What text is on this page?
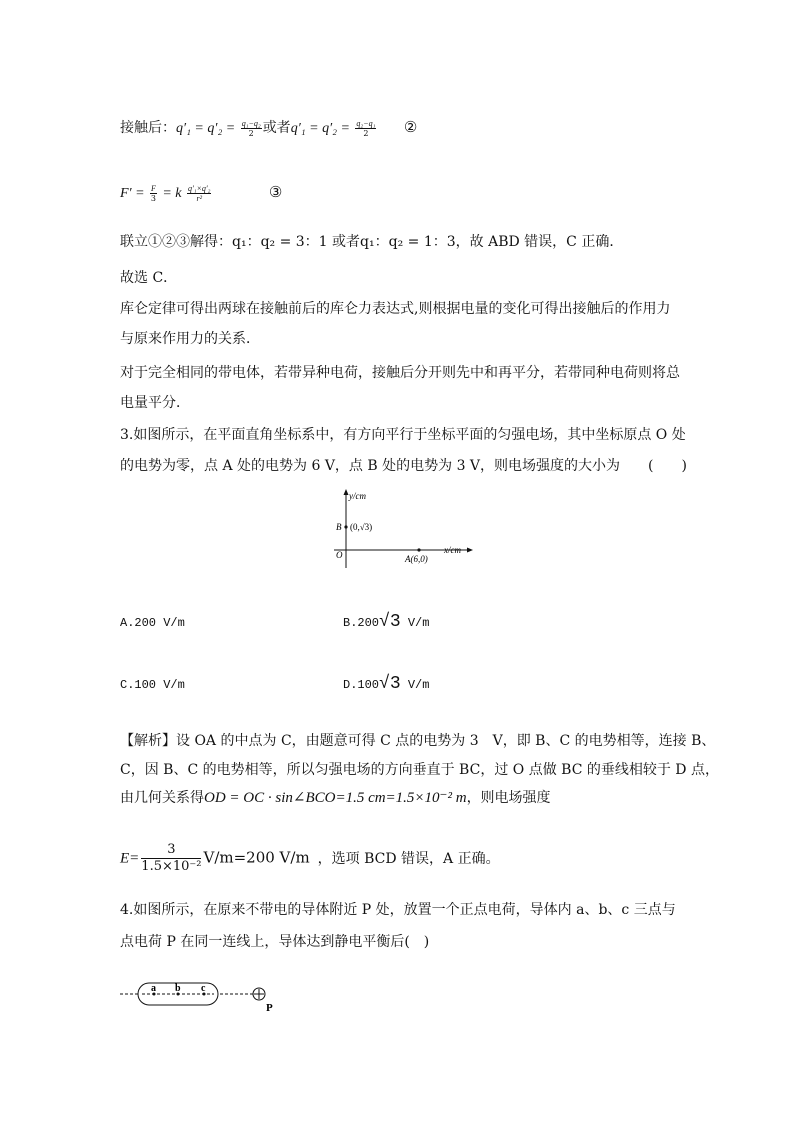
接触后：$q'_1 = q'_2 = \frac{\text{q₁−q₂}}{2}$ 或者$q'_1 = q'_2 = \frac{\text{q₂−q₁}}{2}$ ②
$F' = \frac{F}{3} = k \frac{\text{q′₁×q′₂}}{\text{r²}}$	③
联立①②③解得：q₁：q₂ = 3：1 或者q₁：q₂ = 1：3，故 ABD 错误，C 正确．
故选 C．
库仑定律可得出两球在接触前后的库仑力表达式,则根据电量的变化可得出接触后的作用力
与原来作用力的关系．
对于完全相同的带电体，若带异种电荷，接触后分开则先中和再平分，若带同种电荷则将总
电量平分．
3.如图所示，在平面直角坐标系中，有方向平行于坐标平面的匀强电场，其中坐标原点 O 处
的电势为零，点 A 处的电势为 6 V，点 B 处的电势为 3 V，则电场强度的大小为　　(　　)
y/cm
x/cm
O
B (0,√3)
A(6,0)
A.200 V/m	B.200√3 V/m
C.100 V/m	D.100√3 V/m
【解析】设 OA 的中点为 C，由题意可得 C 点的电势为 3　V，即 B、C 的电势相等，连接 B、
C，因 B、C 的电势相等，所以匀强电场的方向垂直于 BC，过 O 点做 BC 的垂线相较于 D 点，
由几何关系得OD = OC · sin∠BCO=1.5 cm=1.5×10⁻² m，则电场强度
$E= \frac{3}{\text{1.5×10⁻²}} V/m=200$ V/m ，选项 BCD 错误，A 正确。
4.如图所示，在原来不带电的导体附近 P 处，放置一个正点电荷，导体内 a、b、c 三点与
点电荷 P 在同一连线上，导体达到静电平衡后(　)
a b c
P
